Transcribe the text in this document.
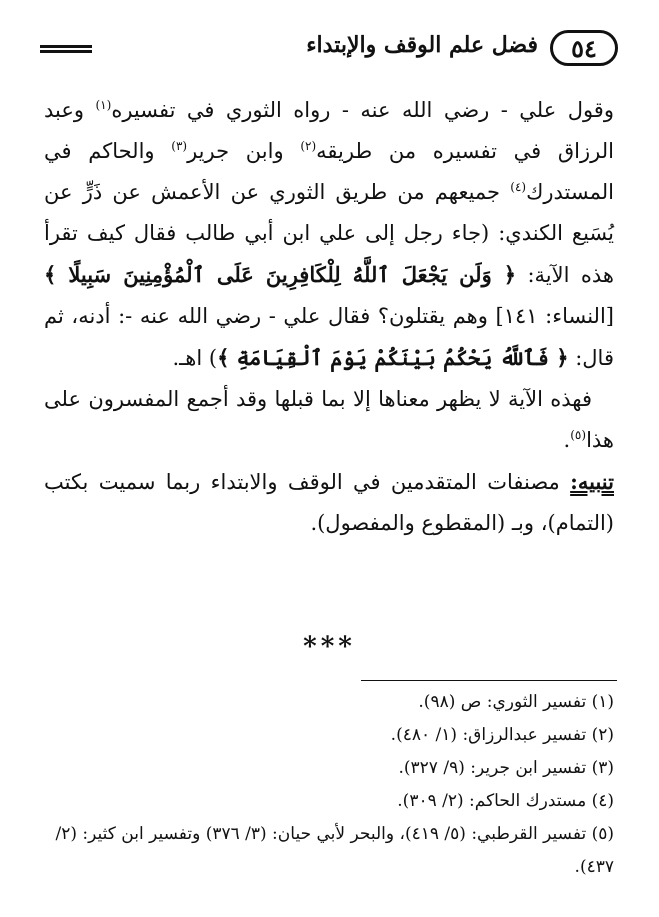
فضل علم الوقف والإبتداء	٥٤

وقول علي - رضي الله عنه - رواه الثوري في تفسيره$^{(١)}$ وعبد الرزاق في تفسيره من طريقه$^{(٢)}$ وابن جرير$^{(٣)}$ والحاكم في المستدرك$^{(٤)}$ جميعهم من طريق الثوري عن الأعمش عن ذَرٍّ عن يُسَيع الكندي: (جاء رجل إلى علي ابن أبي طالب فقال كيف تقرأ هذه الآية: ﴿ وَلَن يَجْعَلَ ٱللَّهُ لِلْكَافِرِينَ عَلَى ٱلْمُؤْمِنِينَ سَبِيلًا ﴾[النساء: ١٤١] وهم يقتلون؟ فقال علي - رضي الله عنه -: أدنه، ثم قال: ﴿ فَٱللَّهُ يَحْكُمُ بَيْنَكُمْ يَوْمَ ٱلْقِيَامَةِ ﴾) اهـ.

فهذه الآية لا يظهر معناها إلا بما قبلها وقد أجمع المفسرون على هذا$^{(٥)}$.

تنبيه: مصنفات المتقدمين في الوقف والابتداء ربما سميت بكتب (التمام)، وبـ (المقطوع والمفصول).

***
(١) تفسير الثوري: ص (٩٨).
(٢) تفسير عبدالرزاق: (١/ ٤٨٠).
(٣) تفسير ابن جرير: (٩/ ٣٢٧).
(٤) مستدرك الحاكم: (٢/ ٣٠٩).
(٥) تفسير القرطبي: (٥/ ٤١٩)، والبحر لأبي حيان: (٣/ ٣٧٦) وتفسير ابن كثير: (٢/ ٤٣٧).
